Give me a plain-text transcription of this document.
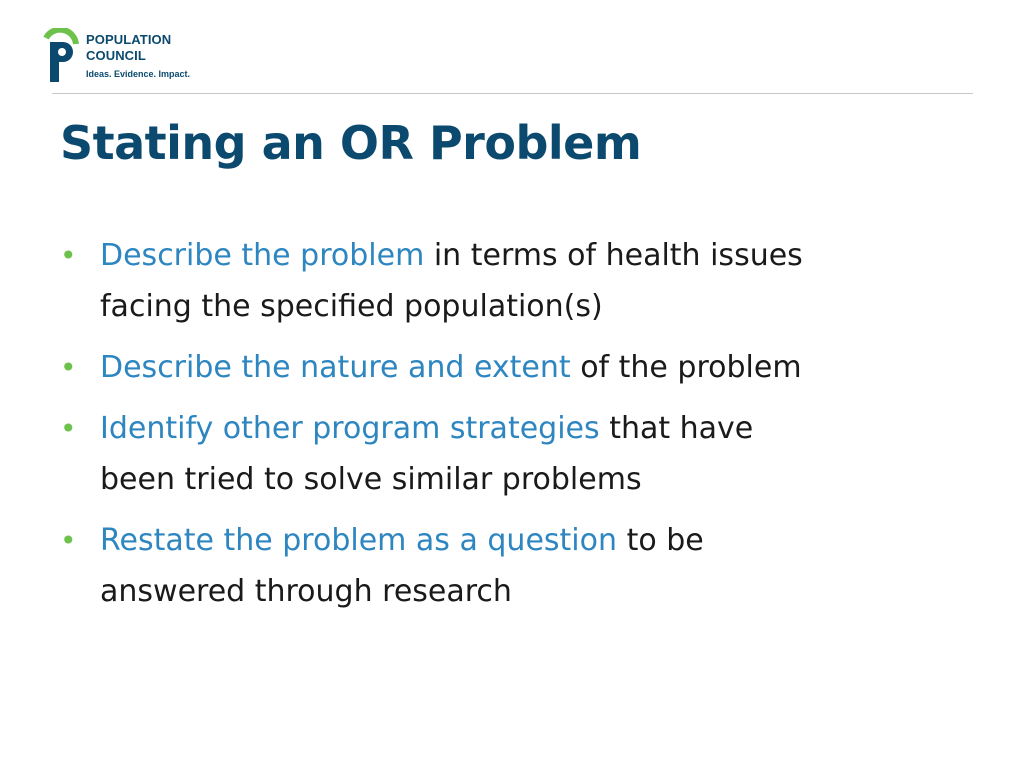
POPULATION
COUNCIL
Ideas. Evidence. Impact.
Stating an OR Problem
• Describe the problem in terms of health issues
facing the specified population(s)
• Describe the nature and extent of the problem
• Identify other program strategies that have
been tried to solve similar problems
• Restate the problem as a question to be
answered through research
